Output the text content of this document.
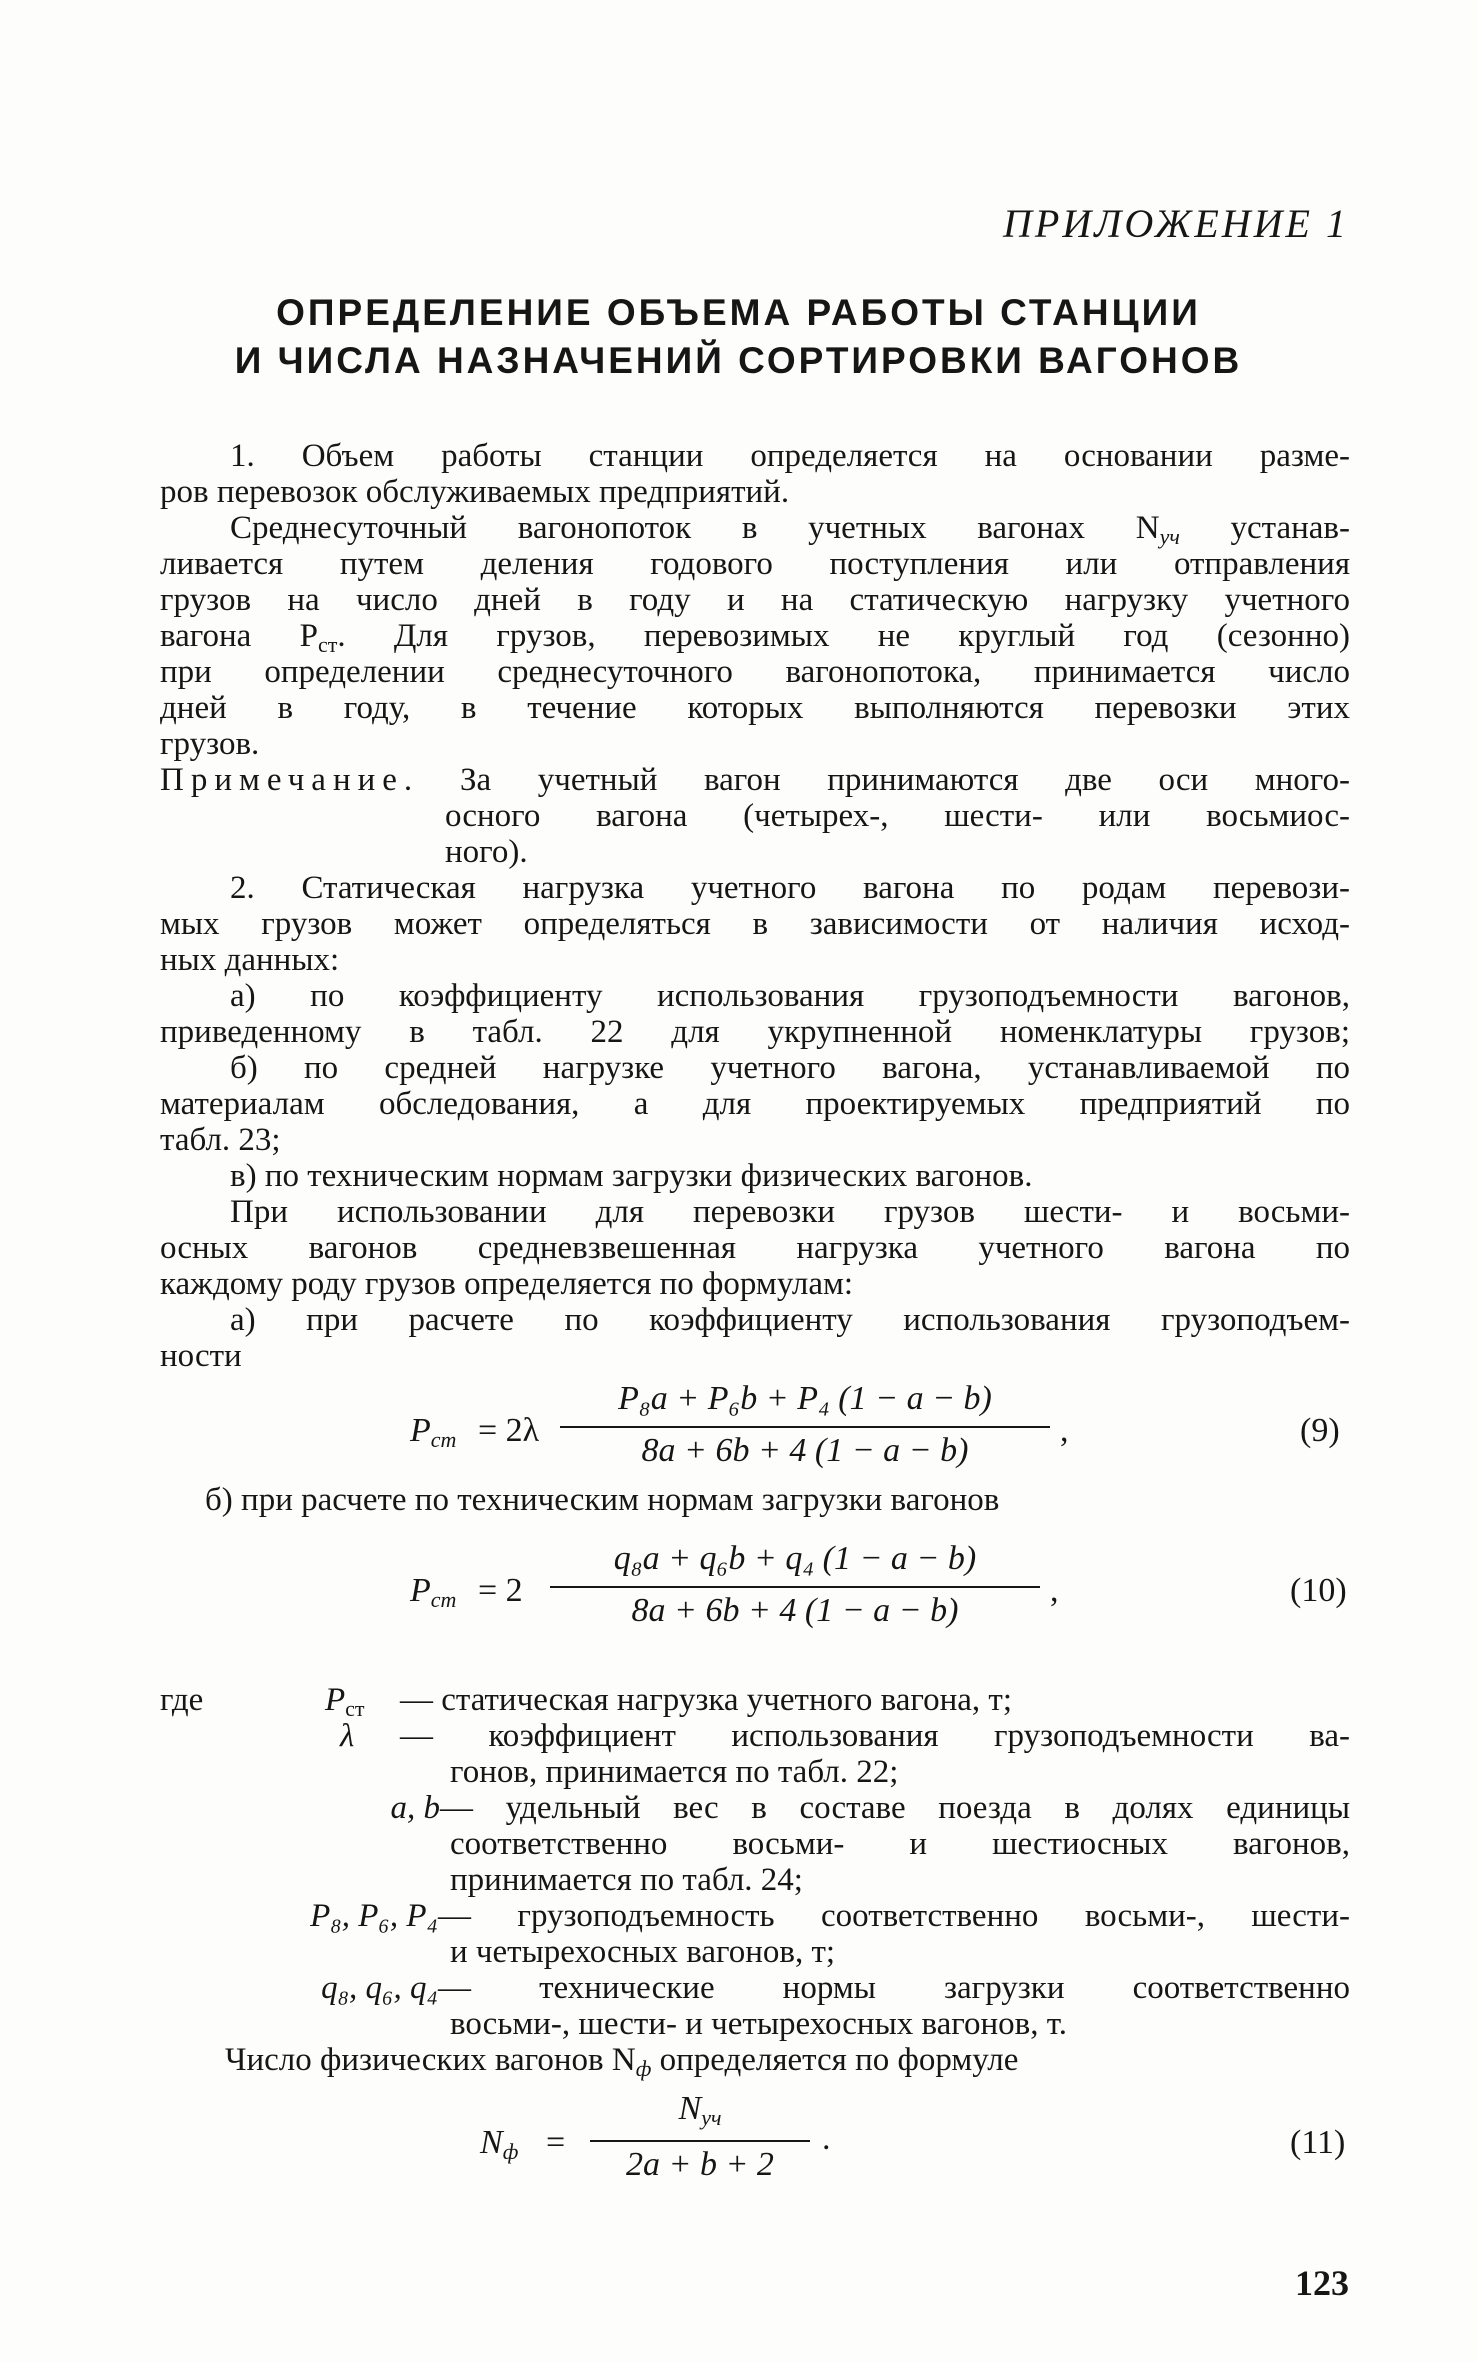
ПРИЛОЖЕНИЕ 1
ОПРЕДЕЛЕНИЕ ОБЪЕМА РАБОТЫ СТАНЦИИ
И ЧИСЛА НАЗНАЧЕНИЙ СОРТИРОВКИ ВАГОНОВ
1. Объем работы станции определяется на основании разме-
ров перевозок обслуживаемых предприятий.
Среднесуточный вагонопоток в учетных вагонах $N_{уч}$ устанав-
ливается путем деления годового поступления или отправления
грузов на число дней в году и на статическую нагрузку учетного
вагона $P_{ст}$. Для грузов, перевозимых не круглый год (сезонно)
при определении среднесуточного вагонопотока, принимается число
дней в году, в течение которых выполняются перевозки этих
грузов.
Примечание.	За учетный вагон принимаются две оси много-
осного вагона (четырех-, шести- или восьмиос-
ного).
2. Статическая нагрузка учетного вагона по родам перевози-
мых грузов может определяться в зависимости от наличия исход-
ных данных:
а) по коэффициенту использования грузоподъемности вагонов,
приведенному в табл. 22 для укрупненной номенклатуры грузов;
б) по средней нагрузке учетного вагона, устанавливаемой по
материалам обследования, а для проектируемых предприятий по
табл. 23;
в) по техническим нормам загрузки физических вагонов.
При использовании для перевозки грузов шести- и восьми-
осных вагонов средневзвешенная нагрузка учетного вагона по
каждому роду грузов определяется по формулам:
а) при расчете по коэффициенту использования грузоподъем-
ности
$P_{ст} = 2\lambda$
P₈a + P₆b + P₄ (1 − a − b)
8a + 6b + 4 (1 − a − b)
,	(9)
б) при расчете по техническим нормам загрузки вагонов
$P_{ст} = 2$
q₈a + q₆b + q₄ (1 − a − b)
8a + 6b + 4 (1 − a − b)
,	(10)
где	$P_{ст}$	— статическая нагрузка учетного вагона, т;
λ	— коэффициент использования грузоподъемности ва-
гонов, принимается по табл. 22;
a, b — удельный вес в составе поезда в долях единицы
соответственно восьми- и шестиосных вагонов,
принимается по табл. 24;
P₈, P₆, P₄ — грузоподъемность соответственно восьми-, шести-
и четырехосных вагонов, т;
q₈, q₆, q₄ — технические нормы загрузки соответственно
восьми-, шести- и четырехосных вагонов, т.
Число физических вагонов $N_ф$ определяется по формуле
$N_ф$ =
$N_{уч}$
2a + b + 2
.	(11)
123
